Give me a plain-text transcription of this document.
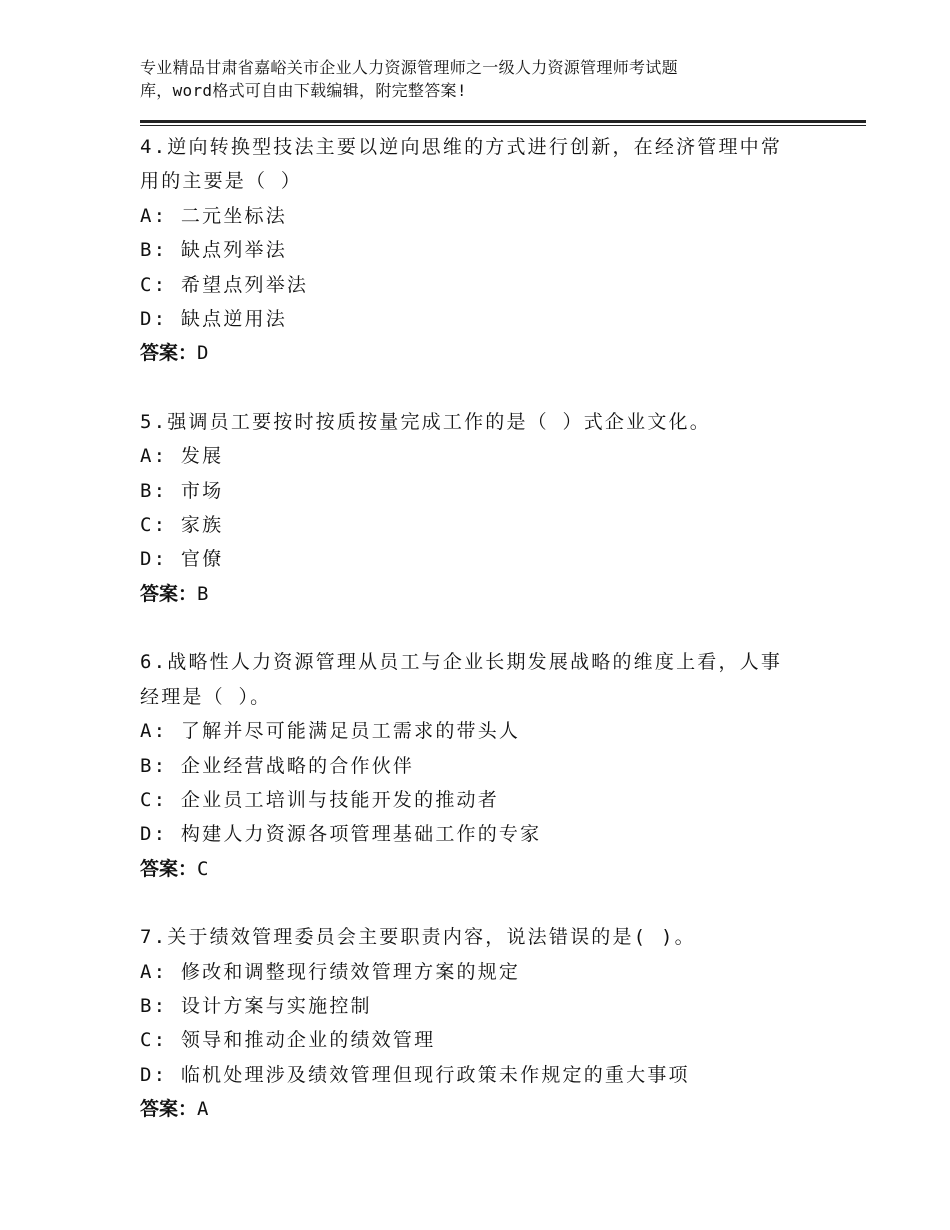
专业精品甘肃省嘉峪关市企业人力资源管理师之一级人力资源管理师考试题
库，word格式可自由下载编辑，附完整答案!
4.逆向转换型技法主要以逆向思维的方式进行创新，在经济管理中常
用的主要是（ ）
A: 二元坐标法
B: 缺点列举法
C: 希望点列举法
D: 缺点逆用法
答案：D
5.强调员工要按时按质按量完成工作的是（ ）式企业文化。
A: 发展
B: 市场
C: 家族
D: 官僚
答案：B
6.战略性人力资源管理从员工与企业长期发展战略的维度上看，人事
经理是（ ）。
A: 了解并尽可能满足员工需求的带头人
B: 企业经营战略的合作伙伴
C: 企业员工培训与技能开发的推动者
D: 构建人力资源各项管理基础工作的专家
答案：C
7.关于绩效管理委员会主要职责内容，说法错误的是( )。
A: 修改和调整现行绩效管理方案的规定
B: 设计方案与实施控制
C: 领导和推动企业的绩效管理
D: 临机处理涉及绩效管理但现行政策未作规定的重大事项
答案：A
